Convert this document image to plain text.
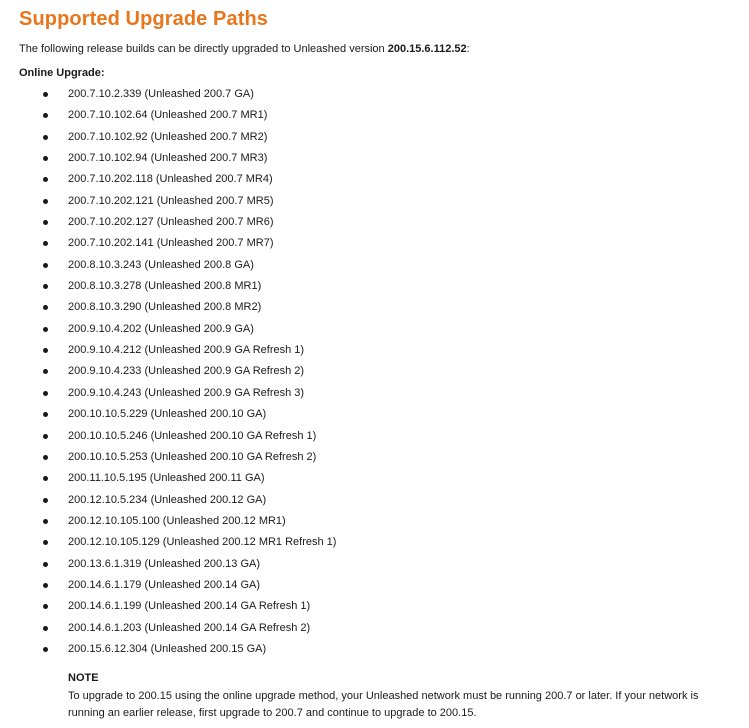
Supported Upgrade Paths
The following release builds can be directly upgraded to Unleashed version 200.15.6.112.52:
Online Upgrade:
200.7.10.2.339 (Unleashed 200.7 GA)
200.7.10.102.64 (Unleashed 200.7 MR1)
200.7.10.102.92 (Unleashed 200.7 MR2)
200.7.10.102.94 (Unleashed 200.7 MR3)
200.7.10.202.118 (Unleashed 200.7 MR4)
200.7.10.202.121 (Unleashed 200.7 MR5)
200.7.10.202.127 (Unleashed 200.7 MR6)
200.7.10.202.141 (Unleashed 200.7 MR7)
200.8.10.3.243 (Unleashed 200.8 GA)
200.8.10.3.278 (Unleashed 200.8 MR1)
200.8.10.3.290 (Unleashed 200.8 MR2)
200.9.10.4.202 (Unleashed 200.9 GA)
200.9.10.4.212 (Unleashed 200.9 GA Refresh 1)
200.9.10.4.233 (Unleashed 200.9 GA Refresh 2)
200.9.10.4.243 (Unleashed 200.9 GA Refresh 3)
200.10.10.5.229 (Unleashed 200.10 GA)
200.10.10.5.246 (Unleashed 200.10 GA Refresh 1)
200.10.10.5.253 (Unleashed 200.10 GA Refresh 2)
200.11.10.5.195 (Unleashed 200.11 GA)
200.12.10.5.234 (Unleashed 200.12 GA)
200.12.10.105.100 (Unleashed 200.12 MR1)
200.12.10.105.129 (Unleashed 200.12 MR1 Refresh 1)
200.13.6.1.319 (Unleashed 200.13 GA)
200.14.6.1.179 (Unleashed 200.14 GA)
200.14.6.1.199 (Unleashed 200.14 GA Refresh 1)
200.14.6.1.203 (Unleashed 200.14 GA Refresh 2)
200.15.6.12.304 (Unleashed 200.15 GA)
NOTE
To upgrade to 200.15 using the online upgrade method, your Unleashed network must be running 200.7 or later. If your network is running an earlier release, first upgrade to 200.7 and continue to upgrade to 200.15.
